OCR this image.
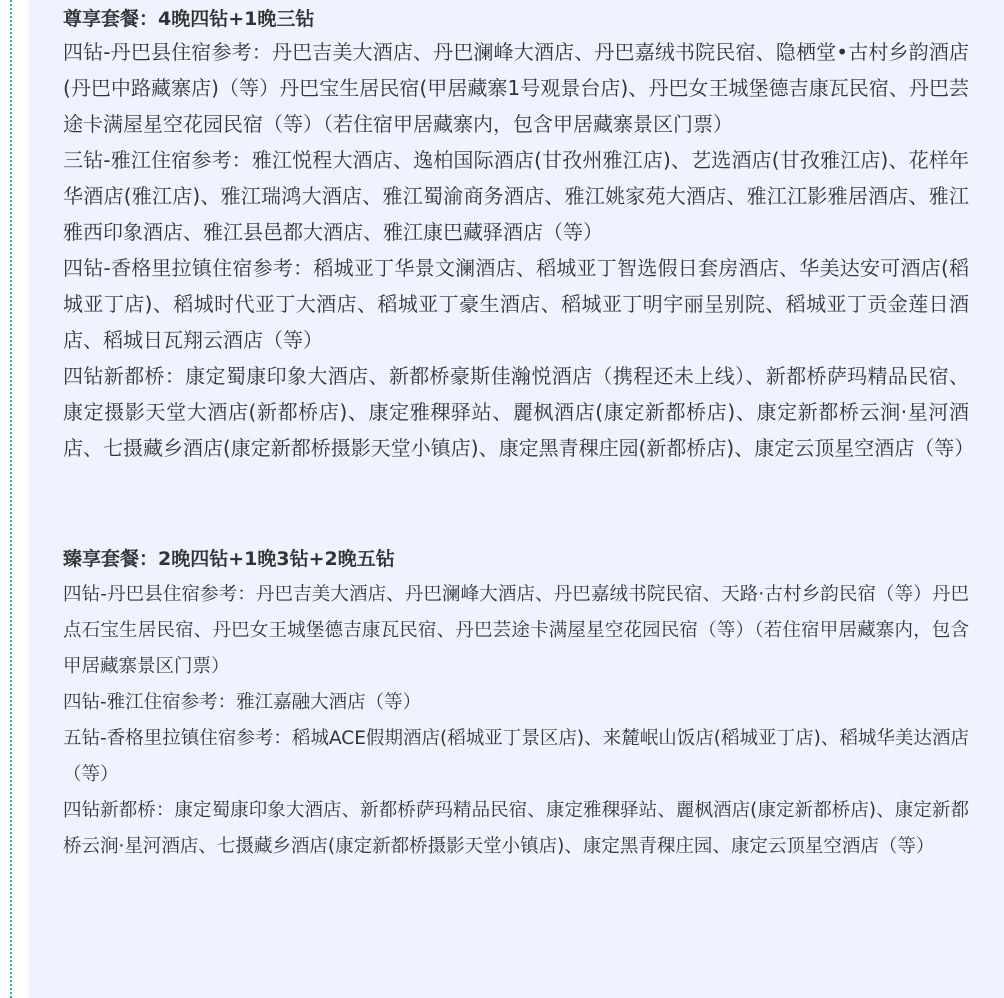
尊享套餐：4晚四钻+1晚三钻

四钻-丹巴县住宿参考：丹巴吉美大酒店、丹巴澜峰大酒店、丹巴嘉绒书院民宿、隐栖堂•古村乡韵酒店(丹巴中路藏寨店)（等）丹巴宝生居民宿(甲居藏寨1号观景台店)、丹巴女王城堡德吉康瓦民宿、丹巴芸途卡满屋星空花园民宿（等）（若住宿甲居藏寨内，包含甲居藏寨景区门票）

三钻-雅江住宿参考：雅江悦程大酒店、逸柏国际酒店(甘孜州雅江店)、艺选酒店(甘孜雅江店)、花样年华酒店(雅江店)、雅江瑞鸿大酒店、雅江蜀渝商务酒店、雅江姚家苑大酒店、雅江江影雅居酒店、雅江雅西印象酒店、雅江县邑都大酒店、雅江康巴藏驿酒店（等）

四钻-香格里拉镇住宿参考：稻城亚丁华景文澜酒店、稻城亚丁智选假日套房酒店、华美达安可酒店(稻城亚丁店)、稻城时代亚丁大酒店、稻城亚丁豪生酒店、稻城亚丁明宇丽呈别院、稻城亚丁贡金莲日酒店、稻城日瓦翔云酒店（等）

四钻新都桥：康定蜀康印象大酒店、新都桥豪斯佳瀚悦酒店（携程还未上线）、新都桥萨玛精品民宿、康定摄影天堂大酒店(新都桥店)、康定雅稞驿站、麗枫酒店(康定新都桥店)、康定新都桥云涧·星河酒店、七摄藏乡酒店(康定新都桥摄影天堂小镇店)、康定黑青稞庄园(新都桥店)、康定云顶星空酒店（等）

臻享套餐：2晚四钻+1晚3钻+2晚五钻

四钻-丹巴县住宿参考：丹巴吉美大酒店、丹巴澜峰大酒店、丹巴嘉绒书院民宿、天路·古村乡韵民宿（等）丹巴点石宝生居民宿、丹巴女王城堡德吉康瓦民宿、丹巴芸途卡满屋星空花园民宿（等）（若住宿甲居藏寨内，包含甲居藏寨景区门票）

四钻-雅江住宿参考：雅江嘉融大酒店（等）

五钻-香格里拉镇住宿参考：稻城ACE假期酒店(稻城亚丁景区店)、来麓岷山饭店(稻城亚丁店)、稻城华美达酒店（等）

四钻新都桥：康定蜀康印象大酒店、新都桥萨玛精品民宿、康定雅稞驿站、麗枫酒店(康定新都桥店)、康定新都桥云涧·星河酒店、七摄藏乡酒店(康定新都桥摄影天堂小镇店)、康定黑青稞庄园、康定云顶星空酒店（等）
